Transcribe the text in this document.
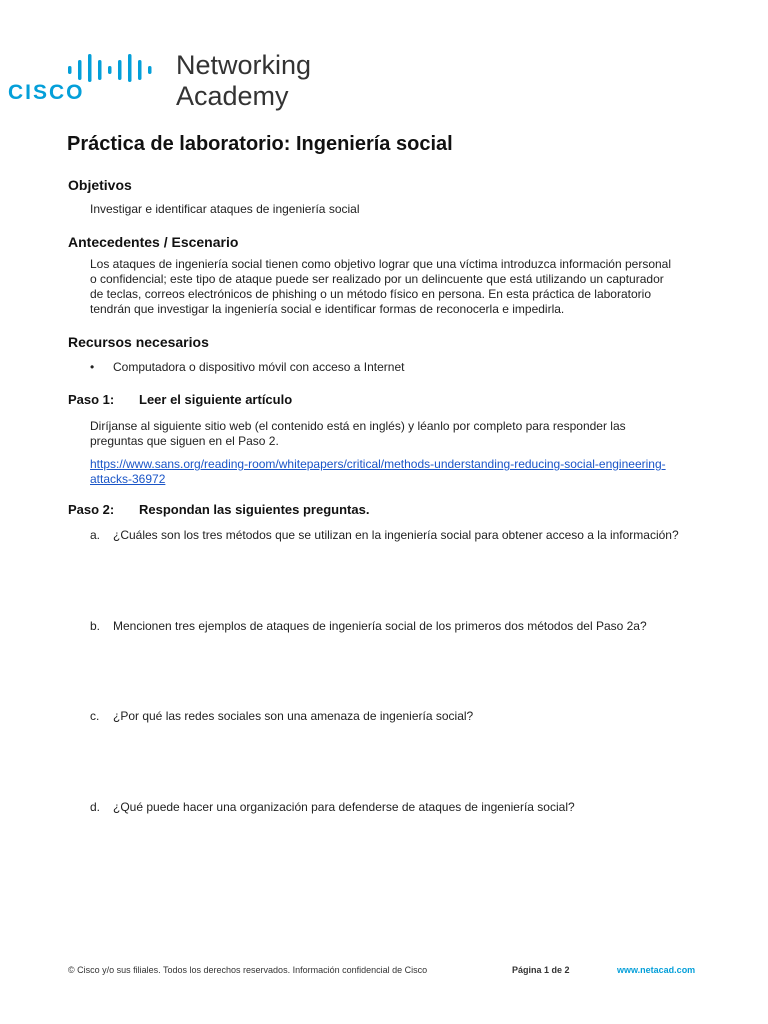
CISCO
Networking
Academy
Práctica de laboratorio: Ingeniería social
Objetivos

Investigar e identificar ataques de ingeniería social

Antecedentes / Escenario
Los ataques de ingeniería social tienen como objetivo lograr que una víctima introduzca información personal
o confidencial; este tipo de ataque puede ser realizado por un delincuente que está utilizando un capturador
de teclas, correos electrónicos de phishing o un método físico en persona. En esta práctica de laboratorio
tendrán que investigar la ingeniería social e identificar formas de reconocerla e impedirla.
Recursos necesarios
• Computadora o dispositivo móvil con acceso a Internet
Paso 1: Leer el siguiente artículo
Diríjanse al siguiente sitio web (el contenido está en inglés) y léanlo por completo para responder las
preguntas que siguen en el Paso 2.
https://www.sans.org/reading-room/whitepapers/critical/methods-understanding-reducing-social-engineering-
attacks-36972
Paso 2: Respondan las siguientes preguntas.
a. ¿Cuáles son los tres métodos que se utilizan en la ingeniería social para obtener acceso a la información?
b. Mencionen tres ejemplos de ataques de ingeniería social de los primeros dos métodos del Paso 2a?
c. ¿Por qué las redes sociales son una amenaza de ingeniería social?
d. ¿Qué puede hacer una organización para defenderse de ataques de ingeniería social?
© Cisco y/o sus filiales. Todos los derechos reservados. Información confidencial de Cisco	Página 1 de 2	www.netacad.com
